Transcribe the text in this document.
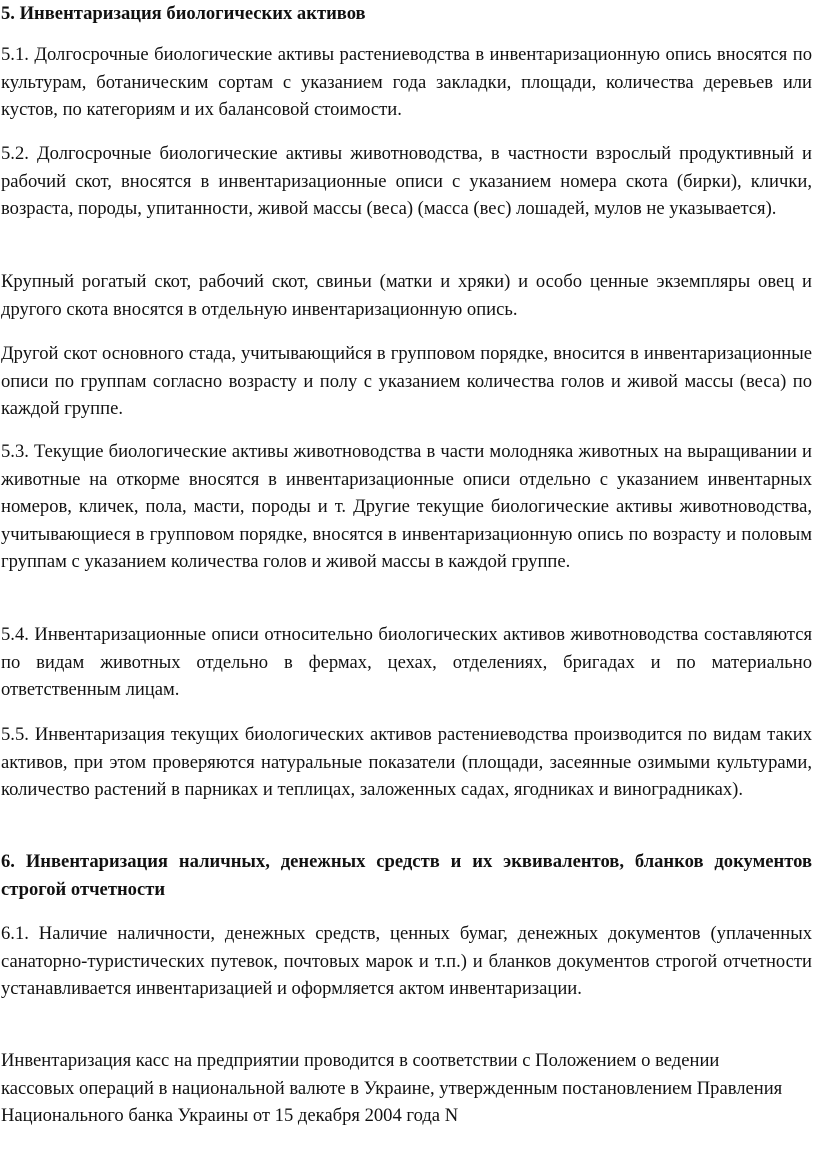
5. Инвентаризация биологических активов

5.1. Долгосрочные биологические активы растениеводства в инвентаризационную опись вносятся по культурам, ботаническим сортам с указанием года закладки, площади, количества деревьев или кустов, по категориям и их балансовой стоимости.

5.2. Долгосрочные биологические активы животноводства, в частности взрослый продуктивный и рабочий скот, вносятся в инвентаризационные описи с указанием номера скота (бирки), клички, возраста, породы, упитанности, живой массы (веса) (масса (вес) лошадей, мулов не указывается).

Крупный рогатый скот, рабочий скот, свиньи (матки и хряки) и особо ценные экземпляры овец и другого скота вносятся в отдельную инвентаризационную опись.

Другой скот основного стада, учитывающийся в групповом порядке, вносится в инвентаризационные описи по группам согласно возрасту и полу с указанием количества голов и живой массы (веса) по каждой группе.

5.3. Текущие биологические активы животноводства в части молодняка животных на выращивании и животные на откорме вносятся в инвентаризационные описи отдельно с указанием инвентарных номеров, кличек, пола, масти, породы и т. Другие текущие биологические активы животноводства, учитывающиеся в групповом порядке, вносятся в инвентаризационную опись по возрасту и половым группам с указанием количества голов и живой массы в каждой группе.

5.4. Инвентаризационные описи относительно биологических активов животноводства составляются по видам животных отдельно в фермах, цехах, отделениях, бригадах и по материально ответственным лицам.

5.5. Инвентаризация текущих биологических активов растениеводства производится по видам таких активов, при этом проверяются натуральные показатели (площади, засеянные озимыми культурами, количество растений в парниках и теплицах, заложенных садах, ягодниках и виноградниках).

6. Инвентаризация наличных, денежных средств и их эквивалентов, бланков документов строгой отчетности

6.1. Наличие наличности, денежных средств, ценных бумаг, денежных документов (уплаченных санаторно-туристических путевок, почтовых марок и т.п.) и бланков документов строгой отчетности устанавливается инвентаризацией и оформляется актом инвентаризации.

Инвентаризация касс на предприятии проводится в соответствии с Положением о ведении кассовых операций в национальной валюте в Украине, утвержденным постановлением Правления Национального банка Украины от 15 декабря 2004 года N
